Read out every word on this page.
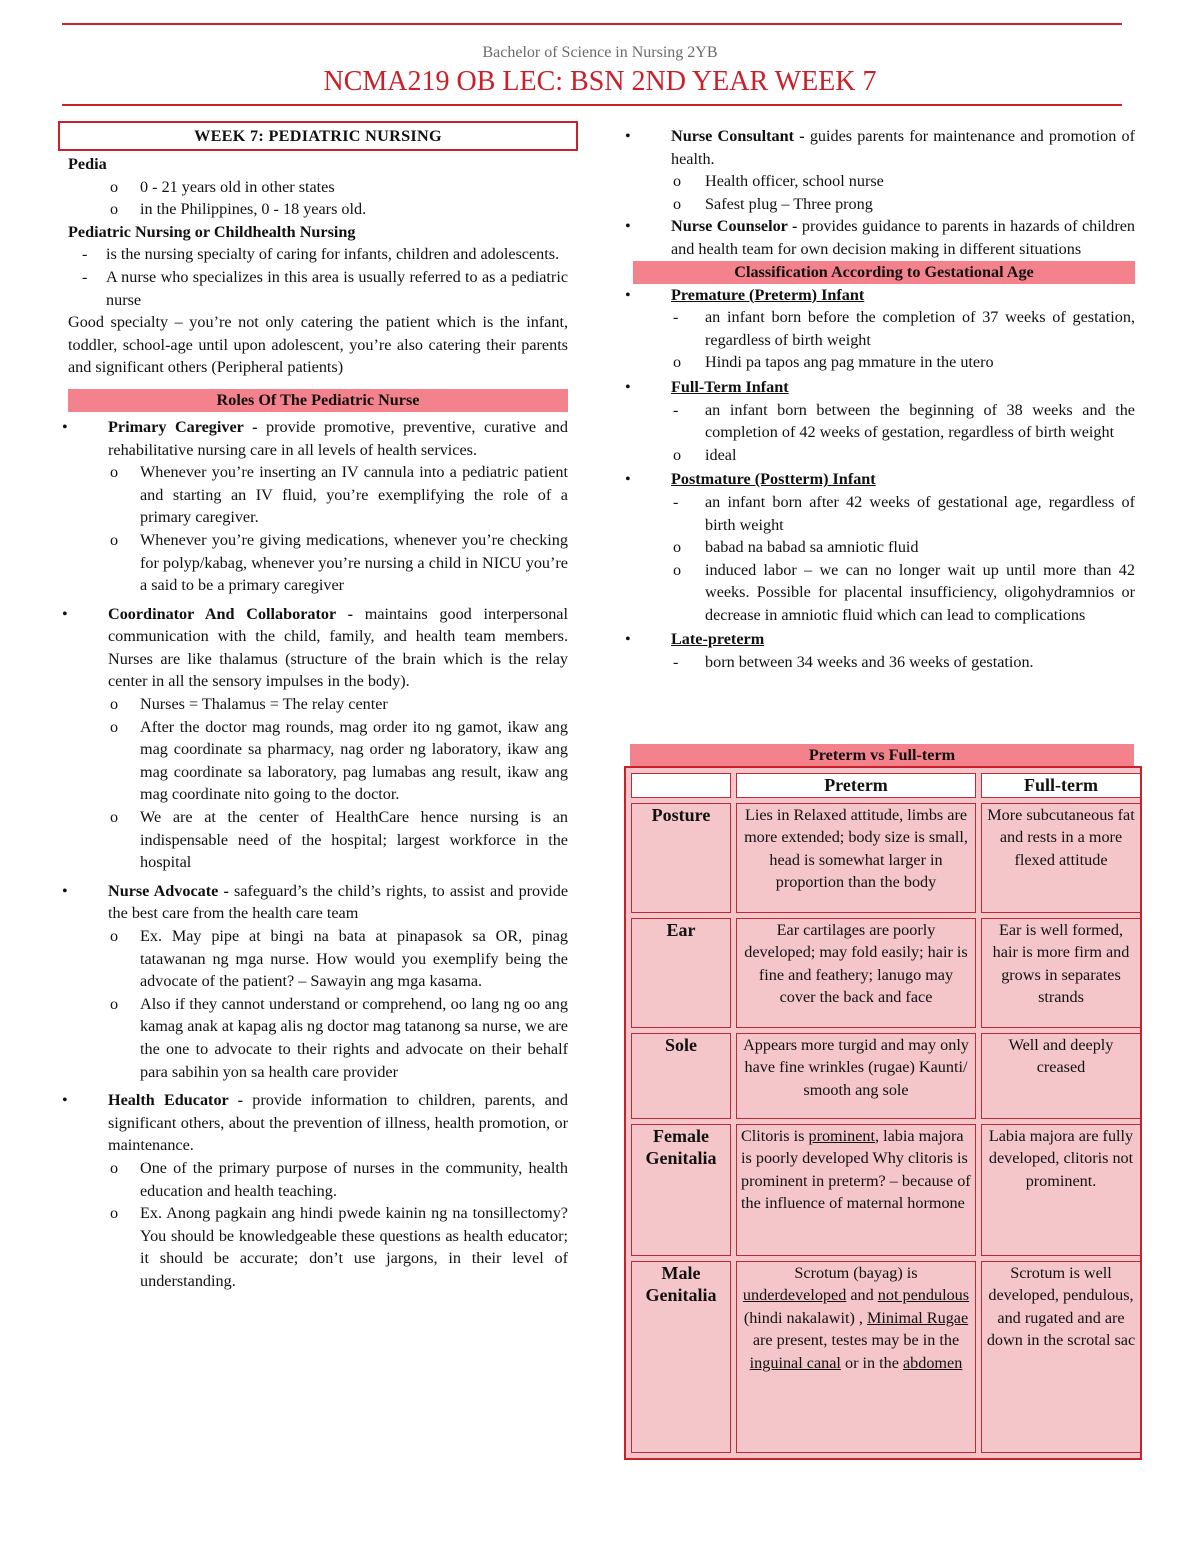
Bachelor of Science in Nursing 2YB
NCMA219 OB LEC: BSN 2ND YEAR WEEK 7
WEEK 7: PEDIATRIC NURSING

Pedia

o 0 - 21 years old in other states
o in the Philippines, 0 - 18 years old.

Pediatric Nursing or Childhealth Nursing

- is the nursing specialty of caring for infants, children and adolescents.
- A nurse who specializes in this area is usually referred to as a pediatric nurse

Good specialty – you’re not only catering the patient which is the infant, toddler, school-age until upon adolescent, you’re also catering their parents and significant others (Peripheral patients)

Roles Of The Pediatric Nurse
• Primary Caregiver - provide promotive, preventive, curative and rehabilitative nursing care in all levels of health services.
o Whenever you’re inserting an IV cannula into a pediatric patient and starting an IV fluid, you’re exemplifying the role of a primary caregiver.
o Whenever you’re giving medications, whenever you’re checking for polyp/kabag, whenever you’re nursing a child in NICU you’re a said to be a primary caregiver
• Coordinator And Collaborator - maintains good interpersonal communication with the child, family, and health team members. Nurses are like thalamus (structure of the brain which is the relay center in all the sensory impulses in the body).
o Nurses = Thalamus = The relay center
o After the doctor mag rounds, mag order ito ng gamot, ikaw ang mag coordinate sa pharmacy, nag order ng laboratory, ikaw ang mag coordinate sa laboratory, pag lumabas ang result, ikaw ang mag coordinate nito going to the doctor.
o We are at the center of HealthCare hence nursing is an indispensable need of the hospital; largest workforce in the hospital
• Nurse Advocate - safeguard’s the child’s rights, to assist and provide the best care from the health care team
o Ex. May pipe at bingi na bata at pinapasok sa OR, pinag tatawanan ng mga nurse. How would you exemplify being the advocate of the patient? – Sawayin ang mga kasama.
o Also if they cannot understand or comprehend, oo lang ng oo ang kamag anak at kapag alis ng doctor mag tatanong sa nurse, we are the one to advocate to their rights and advocate on their behalf para sabihin yon sa health care provider
• Health Educator - provide information to children, parents, and significant others, about the prevention of illness, health promotion, or maintenance.
o One of the primary purpose of nurses in the community, health education and health teaching.
o Ex. Anong pagkain ang hindi pwede kainin ng na tonsillectomy? You should be knowledgeable these questions as health educator; it should be accurate; don’t use jargons, in their level of understanding.
• Nurse Consultant - guides parents for maintenance and promotion of health.
o Health officer, school nurse
o Safest plug – Three prong
• Nurse Counselor - provides guidance to parents in hazards of children and health team for own decision making in different situations
Classification According to Gestational Age
• Premature (Preterm) Infant
- an infant born before the completion of 37 weeks of gestation, regardless of birth weight
o Hindi pa tapos ang pag mmature in the utero
• Full-Term Infant
- an infant born between the beginning of 38 weeks and the completion of 42 weeks of gestation, regardless of birth weight
o ideal
• Postmature (Postterm) Infant
- an infant born after 42 weeks of gestational age, regardless of birth weight
o babad na babad sa amniotic fluid
o induced labor – we can no longer wait up until more than 42 weeks. Possible for placental insufficiency, oligohydramnios or decrease in amniotic fluid which can lead to complications
• Late-preterm
- born between 34 weeks and 36 weeks of gestation.
Preterm vs Full-term
	Preterm	Full-term
Posture	Lies in Relaxed attitude, limbs are more extended; body size is small, head is somewhat larger in proportion than the body	More subcutaneous fat and rests in a more flexed attitude
Ear	Ear cartilages are poorly developed; may fold easily; hair is fine and feathery; lanugo may cover the back and face	Ear is well formed, hair is more firm and grows in separates strands
Sole	Appears more turgid and may only have fine wrinkles (rugae) Kaunti/ smooth ang sole	Well and deeply creased
Female Genitalia	Clitoris is prominent, labia majora is poorly developed Why clitoris is prominent in preterm? – because of the influence of maternal hormone	Labia majora are fully developed, clitoris not prominent.
Male Genitalia	Scrotum (bayag) is underdeveloped and not pendulous (hindi nakalawit) , Minimal Rugae are present, testes may be in the inguinal canal or in the abdomen	Scrotum is well developed, pendulous, and rugated and are down in the scrotal sac
